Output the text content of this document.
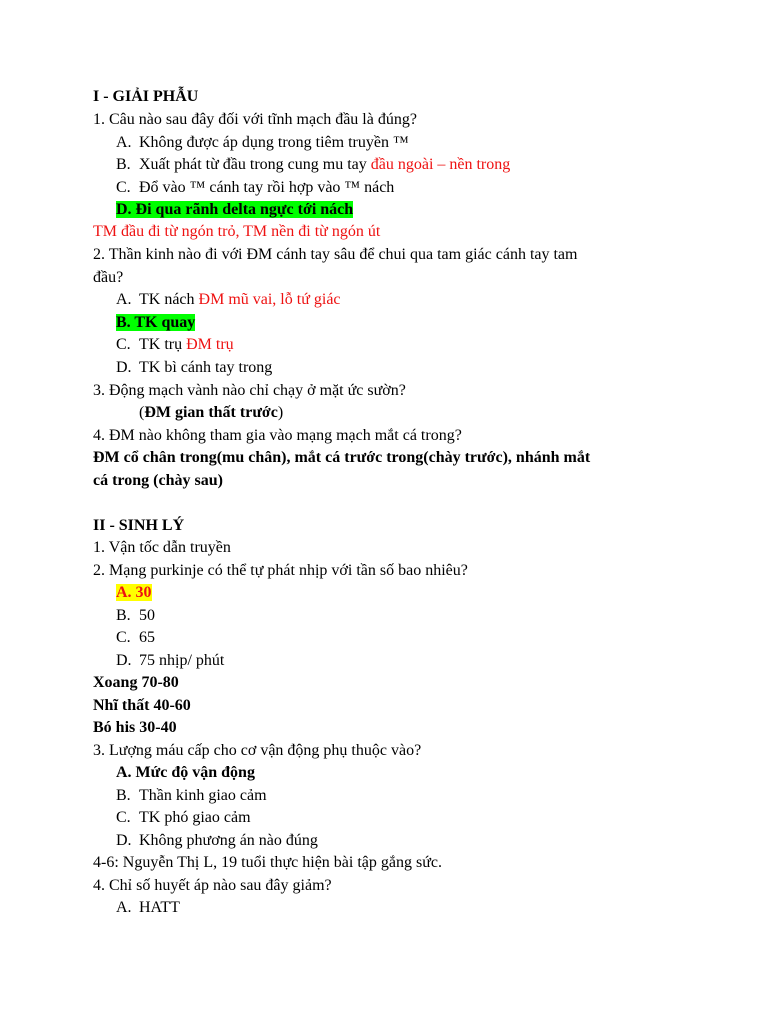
I - GIẢI PHẪU
1. Câu nào sau đây đối với tĩnh mạch đầu là đúng?
A. Không được áp dụng trong tiêm truyền ™
B. Xuất phát từ đầu trong cung mu tay đầu ngoài – nền trong
C. Đổ vào ™ cánh tay rồi hợp vào ™ nách
D. Đi qua rãnh delta ngực tới nách
TM đầu đi từ ngón trỏ, TM nền đi từ ngón út
2. Thần kinh nào đi với ĐM cánh tay sâu để chui qua tam giác cánh tay tam
đầu?
A. TK nách ĐM mũ vai, lỗ tứ giác
B. TK quay
C. TK trụ ĐM trụ
D. TK bì cánh tay trong
3. Động mạch vành nào chỉ chạy ở mặt ức sườn?
(ĐM gian thất trước)
4. ĐM nào không tham gia vào mạng mạch mắt cá trong?
ĐM cổ chân trong(mu chân), mắt cá trước trong(chày trước), nhánh mắt
cá trong (chày sau)
II - SINH LÝ
1. Vận tốc dẫn truyền
2. Mạng purkinje có thể tự phát nhịp với tần số bao nhiêu?
A. 30
B. 50
C. 65
D. 75 nhịp/ phút
Xoang 70-80
Nhĩ thất 40-60
Bó his 30-40
3. Lượng máu cấp cho cơ vận động phụ thuộc vào?
A. Mức độ vận động
B. Thần kinh giao cảm
C. TK phó giao cảm
D. Không phương án nào đúng
4-6: Nguyễn Thị L, 19 tuổi thực hiện bài tập gắng sức.
4. Chỉ số huyết áp nào sau đây giảm?
A. HATT
